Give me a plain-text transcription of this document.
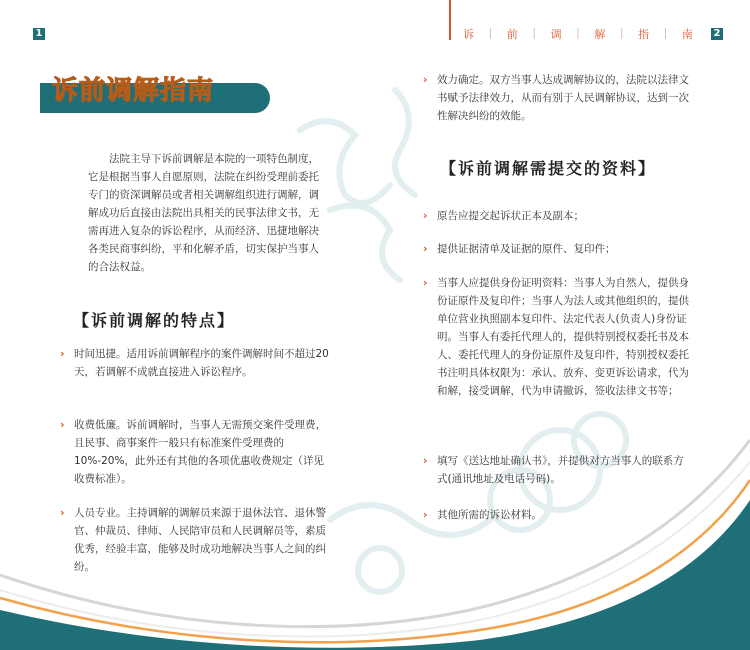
1	2
诉 | 前 | 调 | 解 | 指 | 南
诉前调解指南
法院主导下诉前调解是本院的一项特色制度，它是根据当事人自愿原则，法院在纠纷受理前委托专门的资深调解员或者相关调解组织进行调解，调解成功后直接由法院出具相关的民事法律文书，无需再进入复杂的诉讼程序，从而经济、迅捷地解决各类民商事纠纷，平和化解矛盾，切实保护当事人的合法权益。
【诉前调解的特点】
› 时间迅捷。适用诉前调解程序的案件调解时间不超过20天，若调解不成就直接进入诉讼程序。
› 收费低廉。诉前调解时，当事人无需预交案件受理费，且民事、商事案件一般只有标准案件受理费的10%-20%，此外还有其他的各项优惠收费规定（详见收费标准）。
› 人员专业。主持调解的调解员来源于退休法官、退休警官、仲裁员、律师、人民陪审员和人民调解员等，素质优秀，经验丰富，能够及时成功地解决当事人之间的纠纷。
› 效力确定。双方当事人达成调解协议的，法院以法律文书赋予法律效力，从而有别于人民调解协议，达到一次性解决纠纷的效能。
【诉前调解需提交的资料】
› 原告应提交起诉状正本及副本；
› 提供证据清单及证据的原件、复印件；
› 当事人应提供身份证明资料：当事人为自然人，提供身份证原件及复印件；当事人为法人或其他组织的，提供单位营业执照副本复印件、法定代表人(负责人)身份证明。当事人有委托代理人的，提供特别授权委托书及本人、委托代理人的身份证原件及复印件，特别授权委托书注明具体权限为：承认、放弃、变更诉讼请求，代为和解，接受调解，代为申请撤诉，签收法律文书等；
› 填写《送达地址确认书》，并提供对方当事人的联系方式(通讯地址及电话号码)。
› 其他所需的诉讼材料。
